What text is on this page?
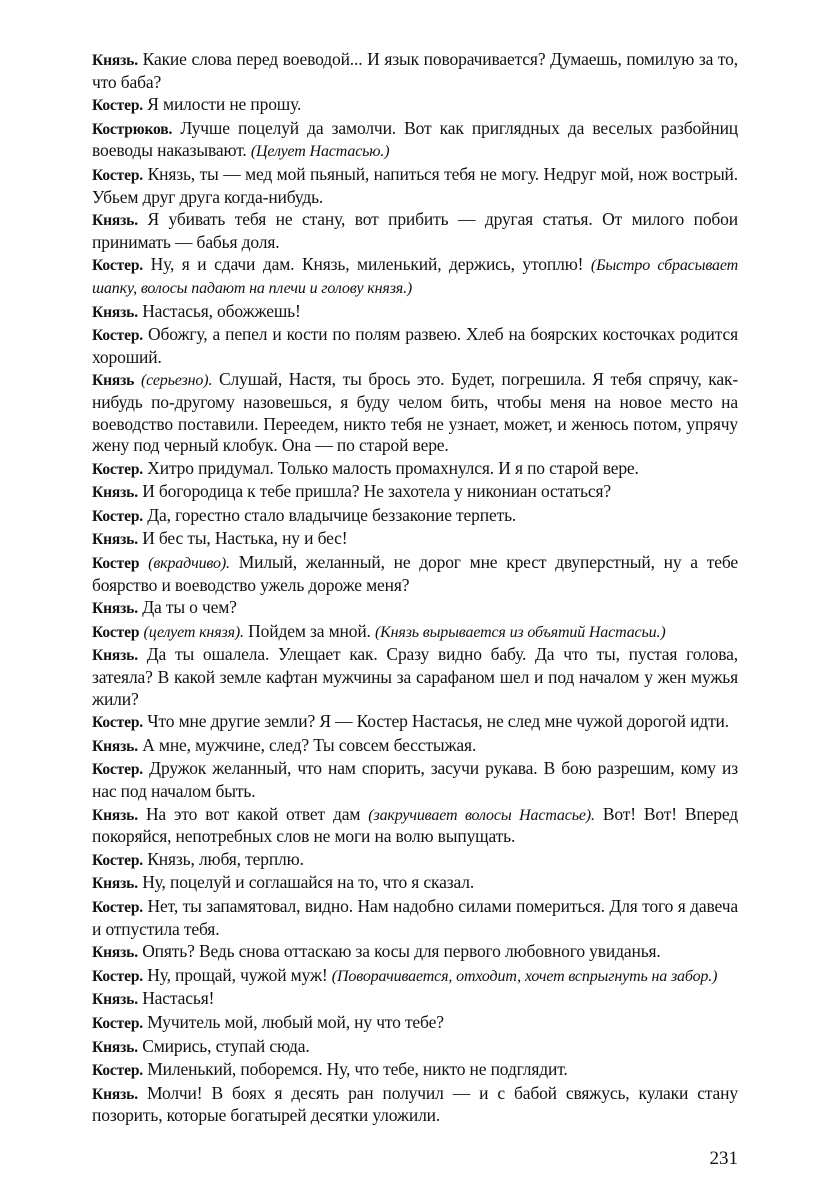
Князь. Какие слова перед воеводой... И язык поворачивается? Думаешь, помилую за то, что баба?

Костер. Я милости не прошу.

Кострюков. Лучше поцелуй да замолчи. Вот как приглядных да веселых разбойниц воеводы наказывают. (Целует Настасью.)

Костер. Князь, ты — мед мой пьяный, напиться тебя не могу. Недруг мой, нож вострый. Убьем друг друга когда-нибудь.

Князь. Я убивать тебя не стану, вот прибить — другая статья. От милого побои принимать — бабья доля.

Костер. Ну, я и сдачи дам. Князь, миленький, держись, утоплю! (Быстро сбрасывает шапку, волосы падают на плечи и голову князя.)

Князь. Настасья, обожжешь!

Костер. Обожгу, а пепел и кости по полям развею. Хлеб на боярских косточках родится хороший.

Князь (серьезно). Слушай, Настя, ты брось это. Будет, погрешила. Я тебя спрячу, как-нибудь по-другому назовешься, я буду челом бить, чтобы меня на новое место на воеводство поставили. Переедем, никто тебя не узнает, может, и женюсь потом, упрячу жену под черный клобук. Она — по старой вере.

Костер. Хитро придумал. Только малость промахнулся. И я по старой вере.

Князь. И богородица к тебе пришла? Не захотела у никониан остаться?

Костер. Да, горестно стало владычице беззаконие терпеть.

Князь. И бес ты, Настька, ну и бес!

Костер (вкрадчиво). Милый, желанный, не дорог мне крест двуперстный, ну а тебе боярство и воеводство ужель дороже меня?

Князь. Да ты о чем?

Костер (целует князя). Пойдем за мной. (Князь вырывается из объятий Настасьи.)

Князь. Да ты ошалела. Улещает как. Сразу видно бабу. Да что ты, пустая голова, затеяла? В какой земле кафтан мужчины за сарафаном шел и под началом у жен мужья жили?

Костер. Что мне другие земли? Я — Костер Настасья, не след мне чужой дорогой идти.

Князь. А мне, мужчине, след? Ты совсем бесстыжая.

Костер. Дружок желанный, что нам спорить, засучи рукава. В бою разрешим, кому из нас под началом быть.

Князь. На это вот какой ответ дам (закручивает волосы Настасье). Вот! Вот! Вперед покоряйся, непотребных слов не моги на волю выпущать.

Костер. Князь, любя, терплю.

Князь. Ну, поцелуй и соглашайся на то, что я сказал.

Костер. Нет, ты запамятовал, видно. Нам надобно силами помериться. Для того я давеча и отпустила тебя.

Князь. Опять? Ведь снова оттаскаю за косы для первого любовного увиданья.

Костер. Ну, прощай, чужой муж! (Поворачивается, отходит, хочет вспрыгнуть на забор.)

Князь. Настасья!

Костер. Мучитель мой, любый мой, ну что тебе?

Князь. Смирись, ступай сюда.

Костер. Миленький, поборемся. Ну, что тебе, никто не подглядит.

Князь. Молчи! В боях я десять ран получил — и с бабой свяжусь, кулаки стану позорить, которые богатырей десятки уложили.

231
